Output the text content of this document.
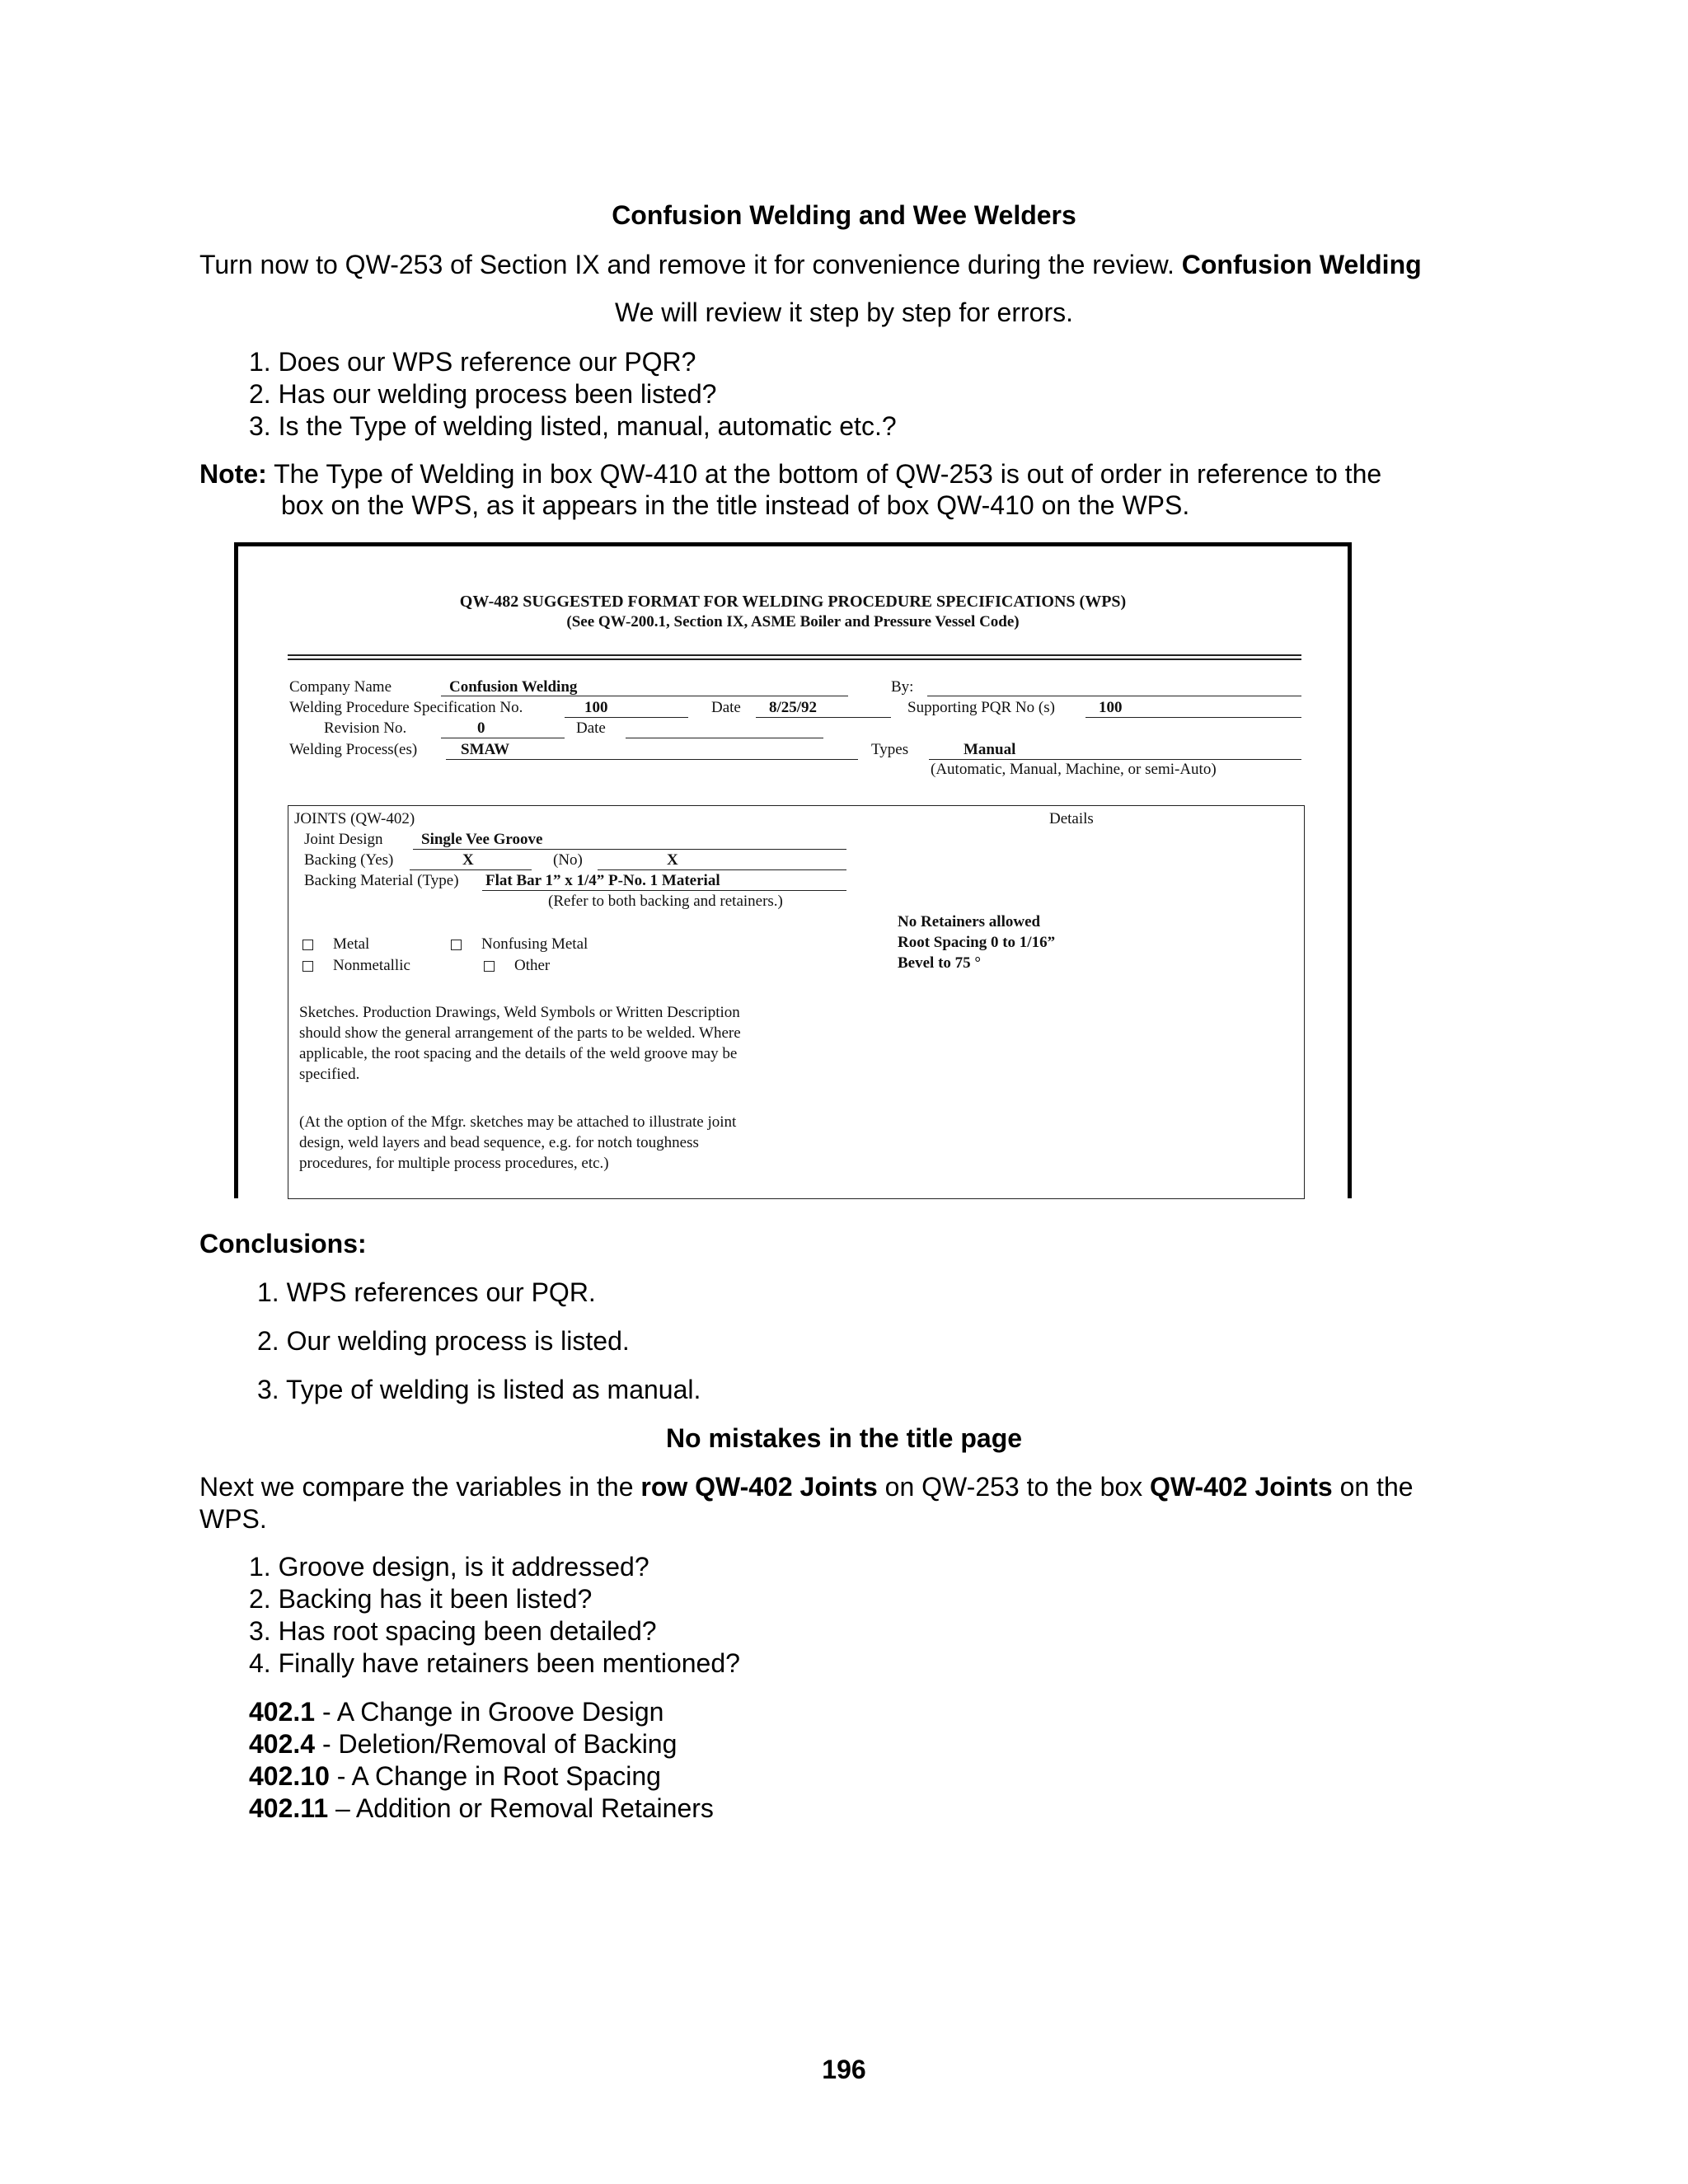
Confusion Welding and Wee Welders
Turn now to QW-253 of Section IX and remove it for convenience during the review. Confusion Welding
We will review it step by step for errors.
1. Does our WPS reference our PQR?
2. Has our welding process been listed?
3. Is the Type of welding listed, manual, automatic etc.?
Note: The Type of Welding in box QW-410 at the bottom of QW-253 is out of order in reference to the
box on the WPS, as it appears in the title instead of box QW-410 on the WPS.
QW-482 SUGGESTED FORMAT FOR WELDING PROCEDURE SPECIFICATIONS (WPS)
(See QW-200.1, Section IX, ASME Boiler and Pressure Vessel Code)
Company Name	Confusion Welding	By:
Welding Procedure Specification No.	100	Date 8/25/92	Supporting PQR No (s)	100
Revision No.	0	Date
Welding Process(es)	SMAW	Types	Manual
(Automatic, Manual, Machine, or semi-Auto)
JOINTS (QW-402)	Details
Joint Design Single Vee Groove
Backing (Yes)	X	(No)	X
Backing Material (Type) Flat Bar 1” x 1/4” P-No. 1 Material
(Refer to both backing and retainers.)
Metal	Nonfusing Metal
Nonmetallic	Other
No Retainers allowed
Root Spacing 0 to 1/16”
Bevel to 75 °
Sketches. Production Drawings, Weld Symbols or Written Description
should show the general arrangement of the parts to be welded. Where
applicable, the root spacing and the details of the weld groove may be
specified.
(At the option of the Mfgr. sketches may be attached to illustrate joint
design, weld layers and bead sequence, e.g. for notch toughness
procedures, for multiple process procedures, etc.)
Conclusions:
1. WPS references our PQR.
2. Our welding process is listed.
3. Type of welding is listed as manual.
No mistakes in the title page
Next we compare the variables in the row QW-402 Joints on QW-253 to the box QW-402 Joints on the
WPS.
1. Groove design, is it addressed?
2. Backing has it been listed?
3. Has root spacing been detailed?
4. Finally have retainers been mentioned?
402.1 - A Change in Groove Design
402.4 - Deletion/Removal of Backing
402.10 - A Change in Root Spacing
402.11 – Addition or Removal Retainers
196
